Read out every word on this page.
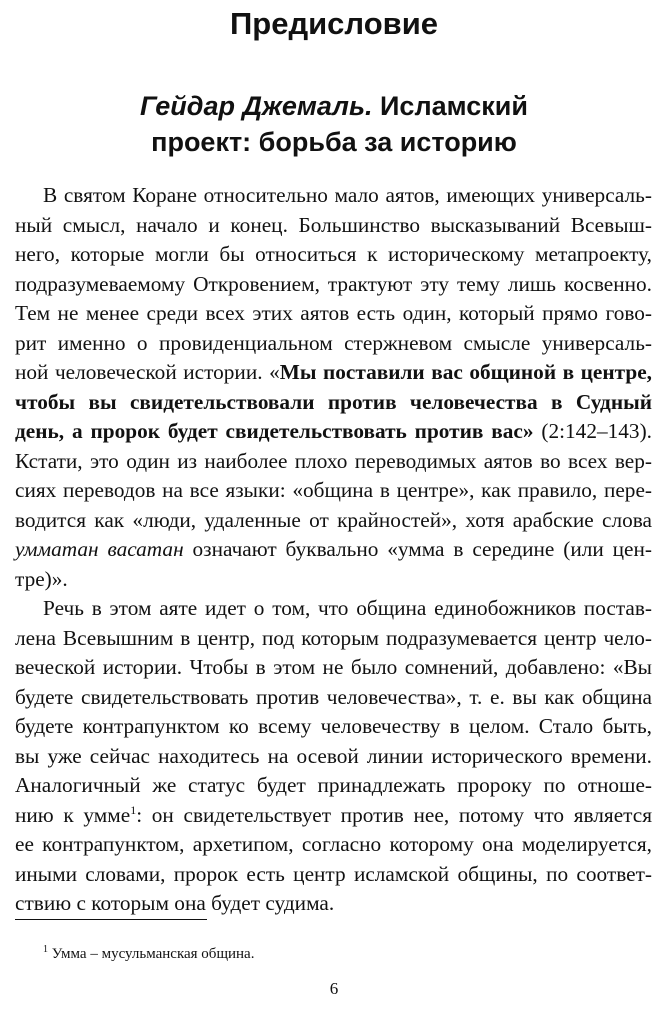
Предисловие
Гейдар Джемаль. Исламский
проект: борьба за историю
В святом Коране относительно мало аятов, имеющих универсаль-
ный смысл, начало и конец. Большинство высказываний Всевыш-
него, которые могли бы относиться к историческому метапроекту,
подразумеваемому Откровением, трактуют эту тему лишь косвенно.
Тем не менее среди всех этих аятов есть один, который прямо гово-
рит именно о провиденциальном стержневом смысле универсаль-
ной человеческой истории. «Мы поставили вас общиной в центре,
чтобы вы свидетельствовали против человечества в Судный
день, а пророк будет свидетельствовать против вас» (2:142–143).
Кстати, это один из наиболее плохо переводимых аятов во всех вер-
сиях переводов на все языки: «община в центре», как правило, пере-
водится как «люди, удаленные от крайностей», хотя арабские слова
умматан васатан означают буквально «умма в середине (или цен-
тре)».
Речь в этом аяте идет о том, что община единобожников постав-
лена Всевышним в центр, под которым подразумевается центр чело-
веческой истории. Чтобы в этом не было сомнений, добавлено: «Вы
будете свидетельствовать против человечества», т. е. вы как община
будете контрапунктом ко всему человечеству в целом. Стало быть,
вы уже сейчас находитесь на осевой линии исторического времени.
Аналогичный же статус будет принадлежать пророку по отноше-
нию к умме$^1$: он свидетельствует против нее, потому что является
ее контрапунктом, архетипом, согласно которому она моделируется,
иными словами, пророк есть центр исламской общины, по соответ-
ствию с которым она будет судима.
$^1$ Умма – мусульманская община.
6
